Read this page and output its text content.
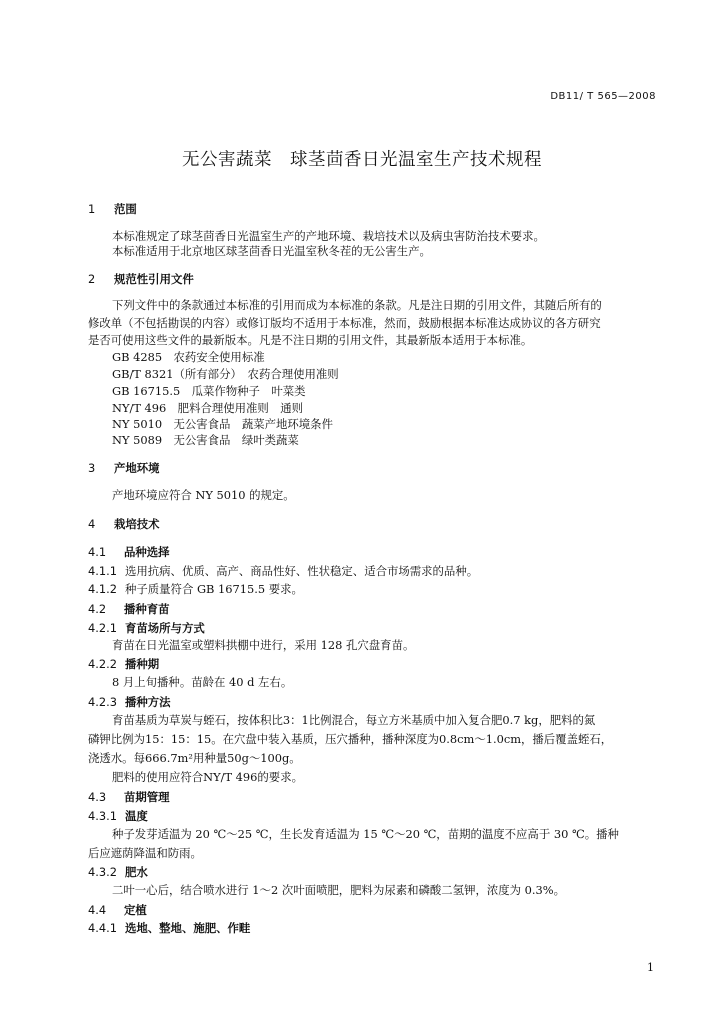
DB11/ T 565—2008
无公害蔬菜　球茎茴香日光温室生产技术规程
1 范围
本标准规定了球茎茴香日光温室生产的产地环境、栽培技术以及病虫害防治技术要求。
本标准适用于北京地区球茎茴香日光温室秋冬茬的无公害生产。
2 规范性引用文件
下列文件中的条款通过本标准的引用而成为本标准的条款。凡是注日期的引用文件，其随后所有的
修改单（不包括勘误的内容）或修订版均不适用于本标准，然而，鼓励根据本标准达成协议的各方研究
是否可使用这些文件的最新版本。凡是不注日期的引用文件，其最新版本适用于本标准。
GB 4285　农药安全使用标准
GB/T 8321（所有部分）　农药合理使用准则
GB 16715.5　瓜菜作物种子　叶菜类
NY/T 496　肥料合理使用准则　通则
NY 5010　无公害食品　蔬菜产地环境条件
NY 5089　无公害食品　绿叶类蔬菜
3 产地环境
产地环境应符合 NY 5010 的规定。
4 栽培技术
4.1 品种选择
4.1.1 选用抗病、优质、高产、商品性好、性状稳定、适合市场需求的品种。
4.1.2 种子质量符合 GB 16715.5 要求。
4.2 播种育苗
4.2.1 育苗场所与方式
育苗在日光温室或塑料拱棚中进行，采用 128 孔穴盘育苗。
4.2.2 播种期
8 月上旬播种。苗龄在 40 d 左右。
4.2.3 播种方法
育苗基质为草炭与蛭石，按体积比3：1比例混合，每立方米基质中加入复合肥0.7 kg，肥料的氮
磷钾比例为15：15：15。在穴盘中装入基质，压穴播种，播种深度为0.8cm～1.0cm，播后覆盖蛭石，
浇透水。每666.7m²用种量50g～100g。
肥料的使用应符合NY/T 496的要求。
4.3 苗期管理
4.3.1 温度
种子发芽适温为 20 ℃～25 ℃，生长发育适温为 15 ℃～20 ℃，苗期的温度不应高于 30 ℃。播种
后应遮荫降温和防雨。
4.3.2 肥水
二叶一心后，结合喷水进行 1～2 次叶面喷肥，肥料为尿素和磷酸二氢钾，浓度为 0.3%。
4.4 定植
4.4.1 选地、整地、施肥、作畦
1
